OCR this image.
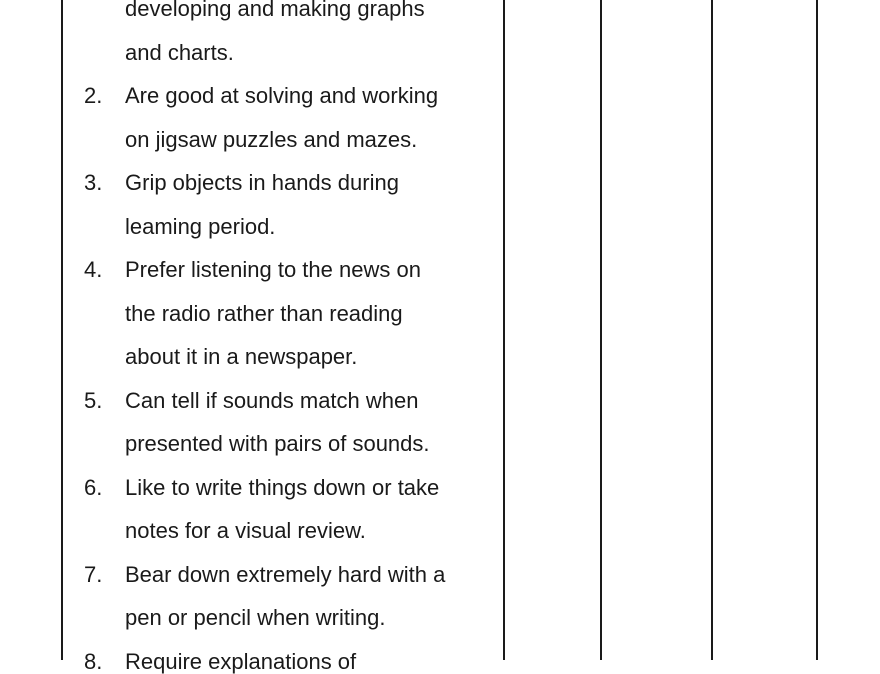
developing and making graphs
and charts.
2. Are good at solving and working
on jigsaw puzzles and mazes.
3. Grip objects in hands during
leaming period.
4. Prefer listening to the news on
the radio rather than reading
about it in a newspaper.
5. Can tell if sounds match when
presented with pairs of sounds.
6. Like to write things down or take
notes for a visual review.
7. Bear down extremely hard with a
pen or pencil when writing.
8. Require explanations of
